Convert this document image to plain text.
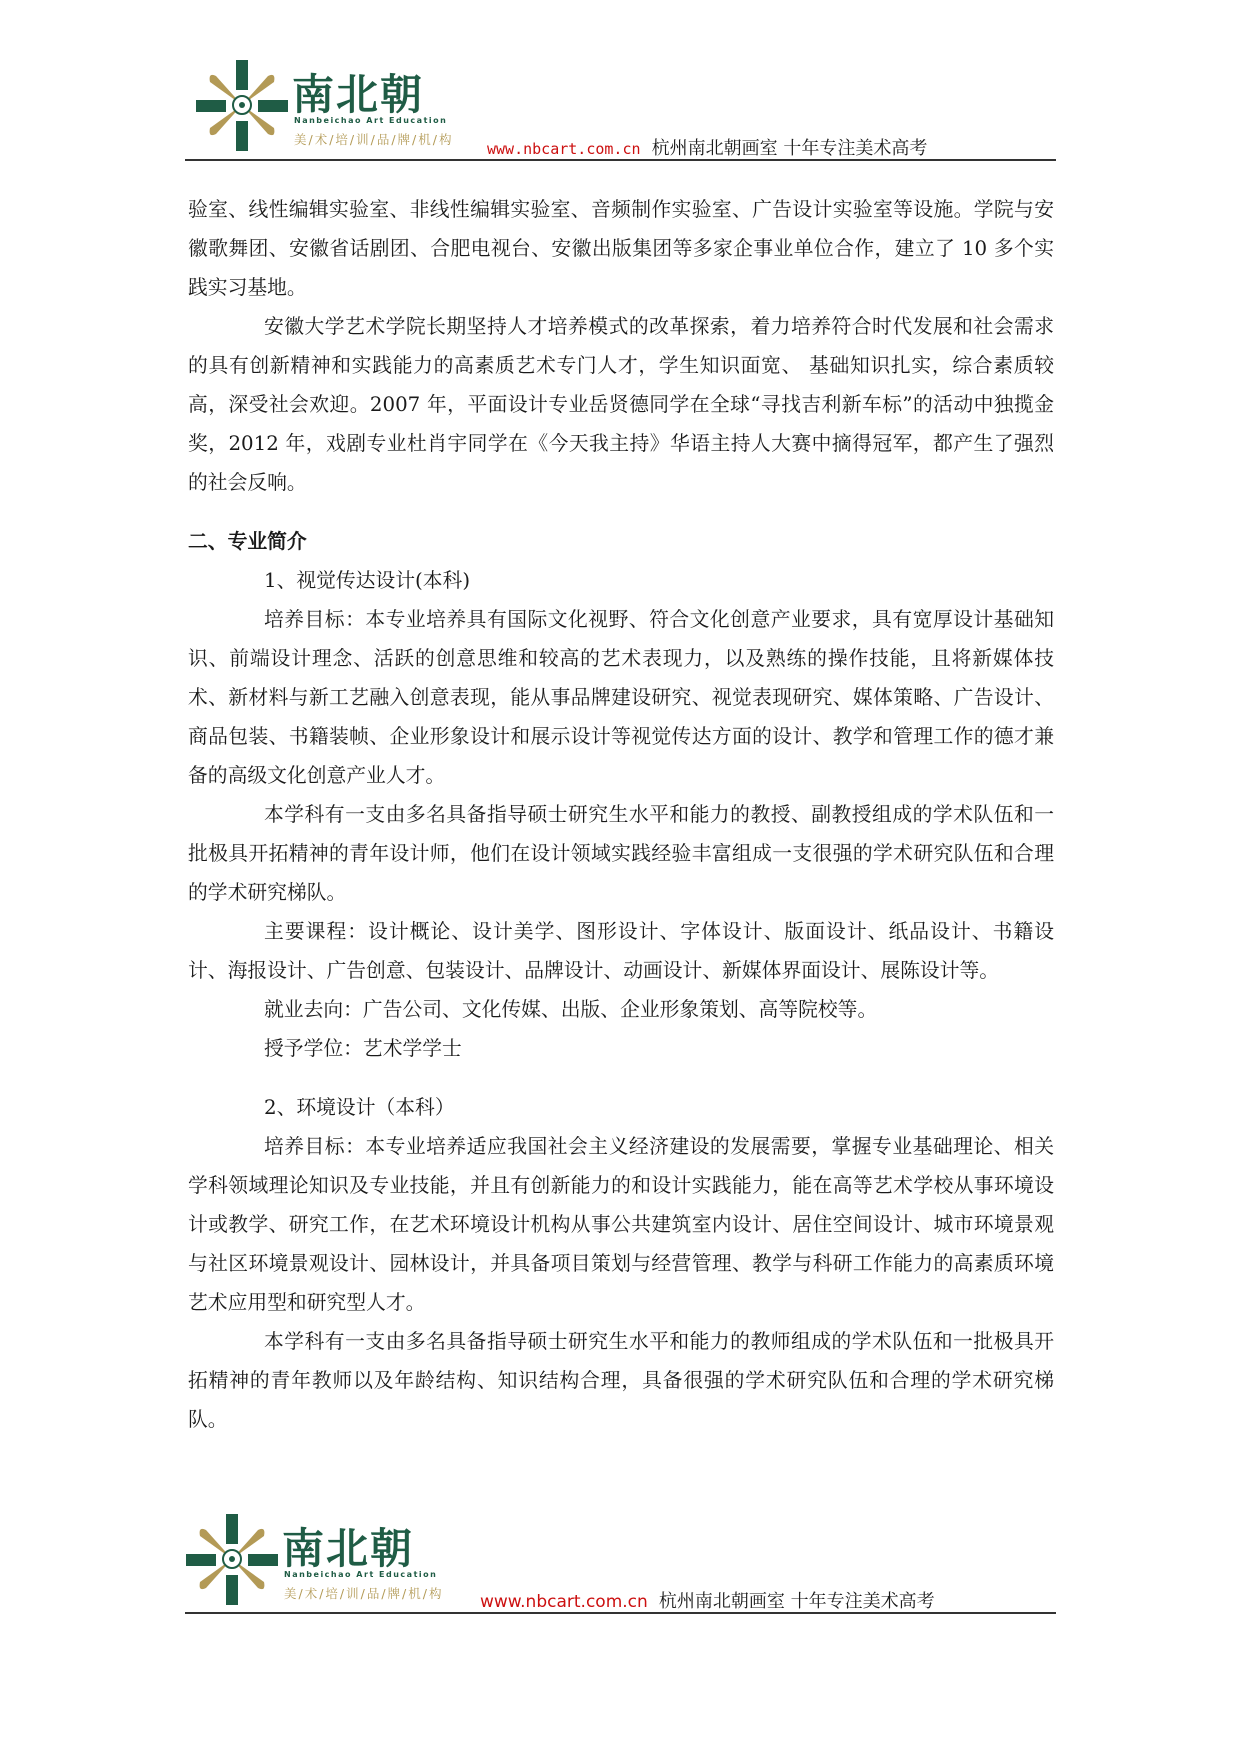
南北朝
Nanbeichao Art Education
美/术/培/训/品/牌/机/构
www.nbcart.com.cn 杭州南北朝画室 十年专注美术高考

验室、线性编辑实验室、非线性编辑实验室、音频制作实验室、广告设计实验室等设施。学院与安徽歌舞团、安徽省话剧团、合肥电视台、安徽出版集团等多家企事业单位合作，建立了 10 多个实践实习基地。

安徽大学艺术学院长期坚持人才培养模式的改革探索，着力培养符合时代发展和社会需求的具有创新精神和实践能力的高素质艺术专门人才，学生知识面宽、 基础知识扎实，综合素质较高，深受社会欢迎。2007 年，平面设计专业岳贤德同学在全球“寻找吉利新车标”的活动中独揽金奖，2012 年，戏剧专业杜肖宇同学在《今天我主持》华语主持人大赛中摘得冠军，都产生了强烈的社会反响。

二、专业简介

1、视觉传达设计(本科)

培养目标：本专业培养具有国际文化视野、符合文化创意产业要求，具有宽厚设计基础知识、前端设计理念、活跃的创意思维和较高的艺术表现力，以及熟练的操作技能，且将新媒体技术、新材料与新工艺融入创意表现，能从事品牌建设研究、视觉表现研究、媒体策略、广告设计、商品包装、书籍装帧、企业形象设计和展示设计等视觉传达方面的设计、教学和管理工作的德才兼备的高级文化创意产业人才。

本学科有一支由多名具备指导硕士研究生水平和能力的教授、副教授组成的学术队伍和一批极具开拓精神的青年设计师，他们在设计领域实践经验丰富组成一支很强的学术研究队伍和合理的学术研究梯队。

主要课程：设计概论、设计美学、图形设计、字体设计、版面设计、纸品设计、书籍设计、海报设计、广告创意、包装设计、品牌设计、动画设计、新媒体界面设计、展陈设计等。

就业去向：广告公司、文化传媒、出版、企业形象策划、高等院校等。

授予学位：艺术学学士

2、环境设计（本科）

培养目标：本专业培养适应我国社会主义经济建设的发展需要，掌握专业基础理论、相关学科领域理论知识及专业技能，并且有创新能力的和设计实践能力，能在高等艺术学校从事环境设计或教学、研究工作，在艺术环境设计机构从事公共建筑室内设计、居住空间设计、城市环境景观与社区环境景观设计、园林设计，并具备项目策划与经营管理、教学与科研工作能力的高素质环境艺术应用型和研究型人才。

本学科有一支由多名具备指导硕士研究生水平和能力的教师组成的学术队伍和一批极具开拓精神的青年教师以及年龄结构、知识结构合理，具备很强的学术研究队伍和合理的学术研究梯队。

南北朝
Nanbeichao Art Education
美/术/培/训/品/牌/机/构 www.nbcart.com.cn 杭州南北朝画室 十年专注美术高考
